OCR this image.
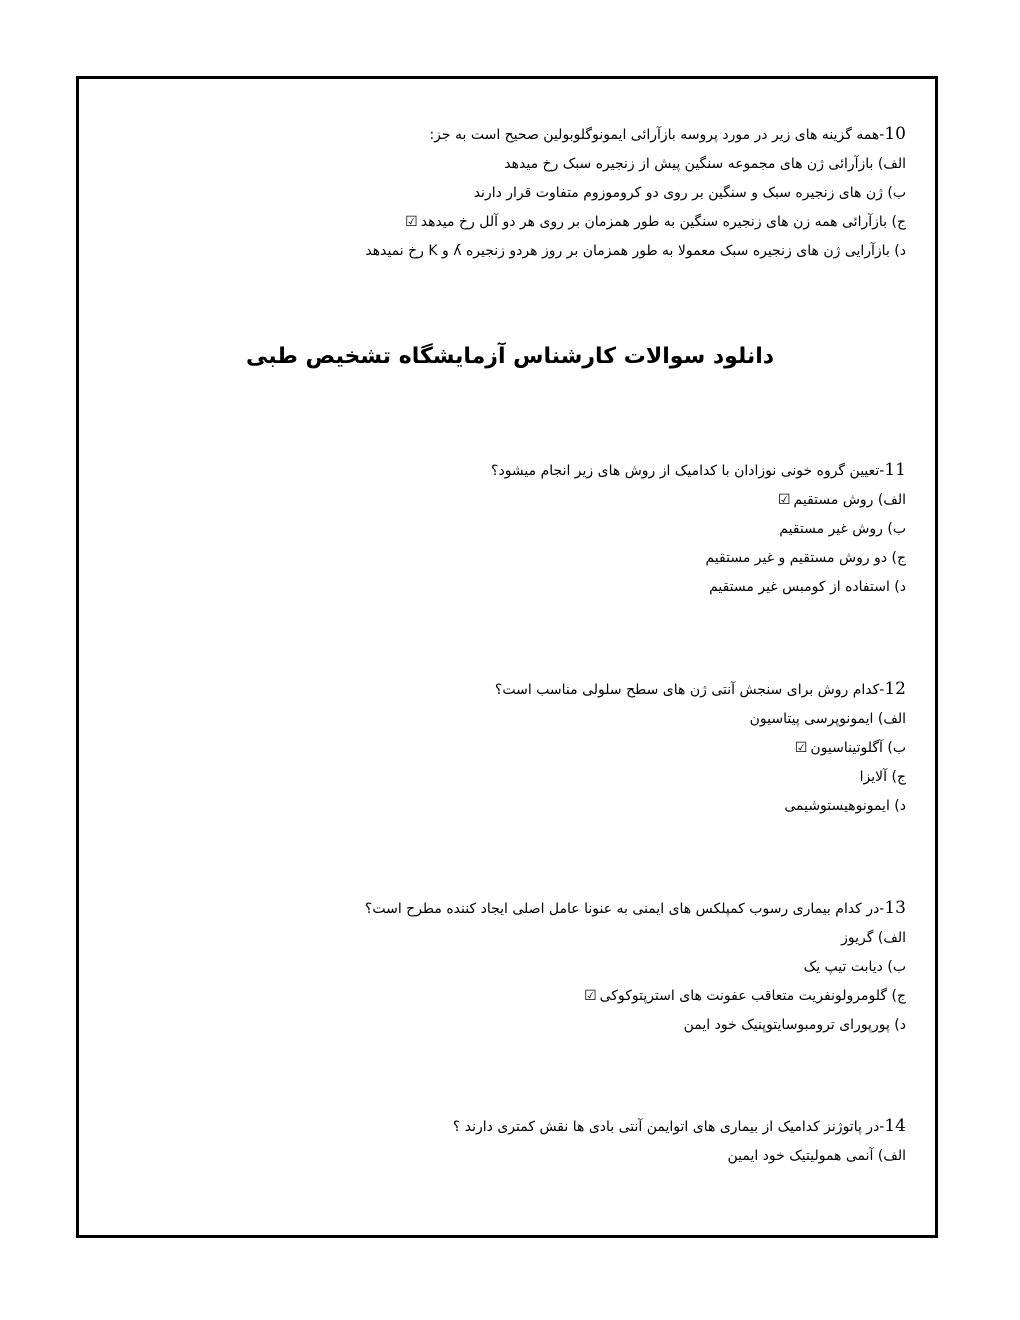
10-همه گزینه های زیر در مورد پروسه بازآرائی ایمونوگلوبولین صحیح است به جز:
الف) بازآرائی ژن های مجموعه سنگین پیش از زنجیره سبک رخ میدهد
ب) ژن های زنجیره سبک و سنگین بر روی دو کروموزوم متفاوت قرار دارند
ج) بازآرائی همه زن های زنجیره سنگین به طور همزمان بر روی هر دو آلل رخ میدهد☑
د) بازآرایی ژن های زنجیره سبک معمولا به طور همزمان بر روز هردو زنجیره ʎ و K رخ نمیدهد
دانلود سوالات کارشناس آزمایشگاه تشخیص طبی
11-تعیین گروه خونی نوزادان با کدامیک از روش های زیر انجام میشود؟
الف) روش مستقیم☑
ب) روش غیر مستقیم
ج) دو روش مستقیم و غیر مستقیم
د) استفاده از کومبس غیر مستقیم
12-کدام روش برای سنجش آنتی ژن های سطح سلولی مناسب است؟
الف) ایمونوپرسی پیتاسیون
ب) آگلوتیناسیون☑
ج) آلایزا
د) ایمونوهیستوشیمی
13-در کدام بیماری رسوب کمپلکس های ایمنی به عنونا عامل اصلی ایجاد کننده مطرح است؟
الف) گریوز
ب) دیابت تیپ یک
ج) گلومرولونفریت متعاقب عفونت های استرپتوکوکی☑
د) پورپورای ترومبوسایتوپنیک خود ایمن
14-در پاتوژنز کدامیک از بیماری های اتوایمن آنتی بادی ها نقش کمتری دارند ؟
الف) آنمی همولیتیک خود ایمین
